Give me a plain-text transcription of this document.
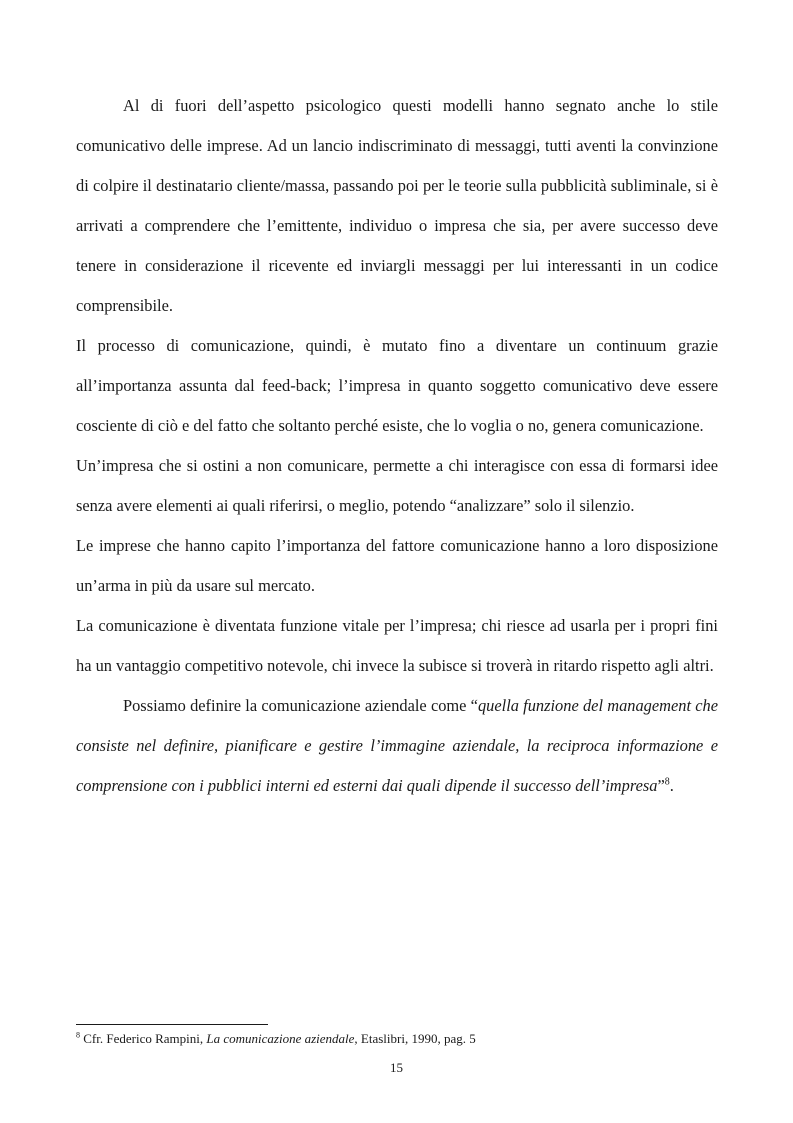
Al di fuori dell’aspetto psicologico questi modelli hanno segnato anche lo stile comunicativo delle imprese. Ad un lancio indiscriminato di messaggi, tutti aventi la convinzione di colpire il destinatario cliente/massa, passando poi per le teorie sulla pubblicità subliminale, si è arrivati a comprendere che l’emittente, individuo o impresa che sia, per avere successo deve tenere in considerazione il ricevente ed inviargli messaggi per lui interessanti in un codice comprensibile.

Il processo di comunicazione, quindi, è mutato fino a diventare un continuum grazie all’importanza assunta dal feed-back; l’impresa in quanto soggetto comunicativo deve essere cosciente di ciò e del fatto che soltanto perché esiste, che lo voglia o no, genera comunicazione.

Un’impresa che si ostini a non comunicare, permette a chi interagisce con essa di formarsi idee senza avere elementi ai quali riferirsi, o meglio, potendo “analizzare” solo il silenzio.

Le imprese che hanno capito l’importanza del fattore comunicazione hanno a loro disposizione un’arma in più da usare sul mercato.

La comunicazione è diventata funzione vitale per l’impresa; chi riesce ad usarla per i propri fini ha un vantaggio competitivo notevole, chi invece la subisce si troverà in ritardo rispetto agli altri.

Possiamo definire la comunicazione aziendale come “quella funzione del management che consiste nel definire, pianificare e gestire l’immagine aziendale, la reciproca informazione e comprensione con i pubblici interni ed esterni dai quali dipende il successo dell’impresa”$^8$.

$^8$ Cfr. Federico Rampini, La comunicazione aziendale, Etaslibri, 1990, pag. 5
15
